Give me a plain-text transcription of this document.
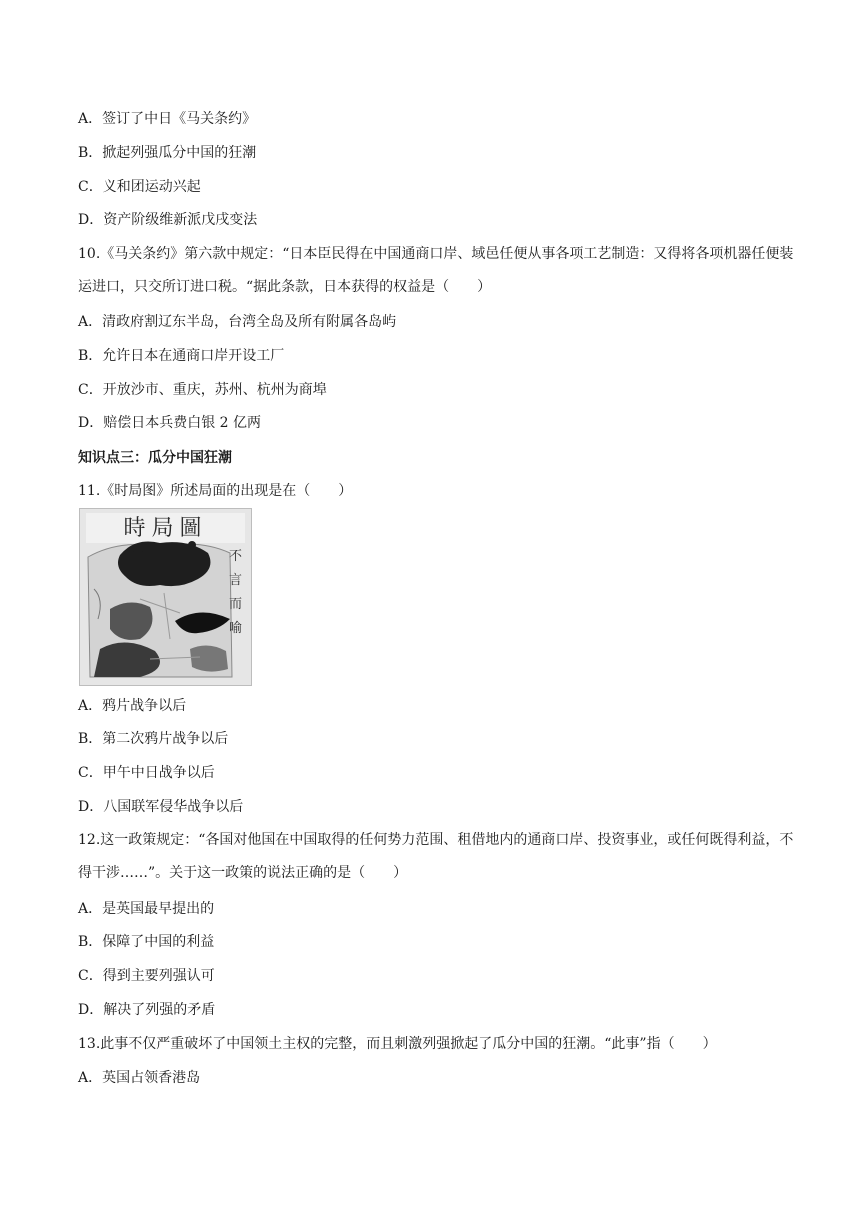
A．签订了中日《马关条约》
B．掀起列强瓜分中国的狂潮
C．义和团运动兴起
D．资产阶级维新派戊戌变法
10.《马关条约》第六款中规定：“日本臣民得在中国通商口岸、域邑任便从事各项工艺制造：又得将各项机器任便装运进口，只交所订进口税。“据此条款，日本获得的权益是（　　）
A．清政府割辽东半岛，台湾全岛及所有附属各岛屿
B．允许日本在通商口岸开设工厂
C．开放沙市、重庆，苏州、杭州为商埠
D．赔偿日本兵费白银 2 亿两
知识点三：瓜分中国狂潮
11.《时局图》所述局面的出现是在（　　）
時局圖
不言而喻
A．鸦片战争以后
B．第二次鸦片战争以后
C．甲午中日战争以后
D．八国联军侵华战争以后
12.这一政策规定：“各国对他国在中国取得的任何势力范围、租借地内的通商口岸、投资事业，或任何既得利益，不得干涉……”。关于这一政策的说法正确的是（　　）
A．是英国最早提出的
B．保障了中国的利益
C．得到主要列强认可
D．解决了列强的矛盾
13.此事不仅严重破坏了中国领土主权的完整，而且刺激列强掀起了瓜分中国的狂潮。“此事”指（　　）
A．英国占领香港岛
